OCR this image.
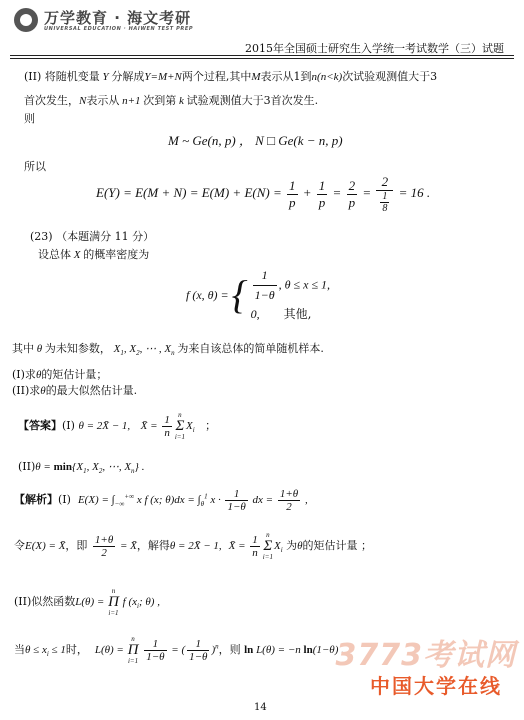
万学教育 · 海文考研
UNIVERSAL EDUCATION · HAIWEN TEST PREP
2015年全国硕士研究生入学统一考试数学（三）试题
(II) 将随机变量 Y 分解成Y=M+N两个过程,其中M表示从1到n(n<k)次试验观测值大于3
首次发生，N表示从 n+1 次到第 k 试验观测值大于3首次发生.
则
M ~ Ge(n, p) ， N □ Ge(k − n, p)
所以
$E(Y) = E(M + N) = E(M) + E(N) = \frac{1}{p} + \frac{1}{p} = \frac{2}{p} = \frac{2}{\frac{1}{8}} = 16$ .
(23) （本题满分 11 分）
设总体 X 的概率密度为
f (x, θ) = { $\frac{1}{1-\theta}$ , θ ≤ x ≤ 1,
0,        其他,
其中 θ 为未知参数， $X_1$, $X_2$, ⋯ , $X_n$ 为来自该总体的简单随机样本.
(I)求θ的矩估计量；
(II)求θ的最大似然估计量.
【答案】(I) θ = 2X̄ − 1, X̄ = $\frac{1}{n}$ n
Σ
$i=1X_i$ ；
$(II)\theta = \min\{X_1$, $X_2$, ⋯, $X_n$} .
【解析】(I) $E(X) = \int_{-\infty}^{+\infty}$ x f (x; $\theta)dx = \int_\theta^1$ $x \cdot \frac{1}{1-\theta}$ dx = $\frac{1+\theta}{2}$ ,
令E(X) = X̄，即 $\frac{1+\theta}{2}$ = X̄，解得θ = 2X̄ − 1, X̄ = $\frac{1}{n}$ n
Σ
$i=1X_i$ 为θ的矩估计量 ；
(II)似然函数L(θ) = n
Π
i=1 f ($x_i$; θ) ,
当$\theta \le x_i \le 1$时， L(θ) = n
Π
$i=1 \frac{1}{1-\theta}$ = ( $\frac{1}{1-\theta} )^n$，则 ln L(θ) = −n ln(1−θ) .
3773考试网
中国大学在线
14
